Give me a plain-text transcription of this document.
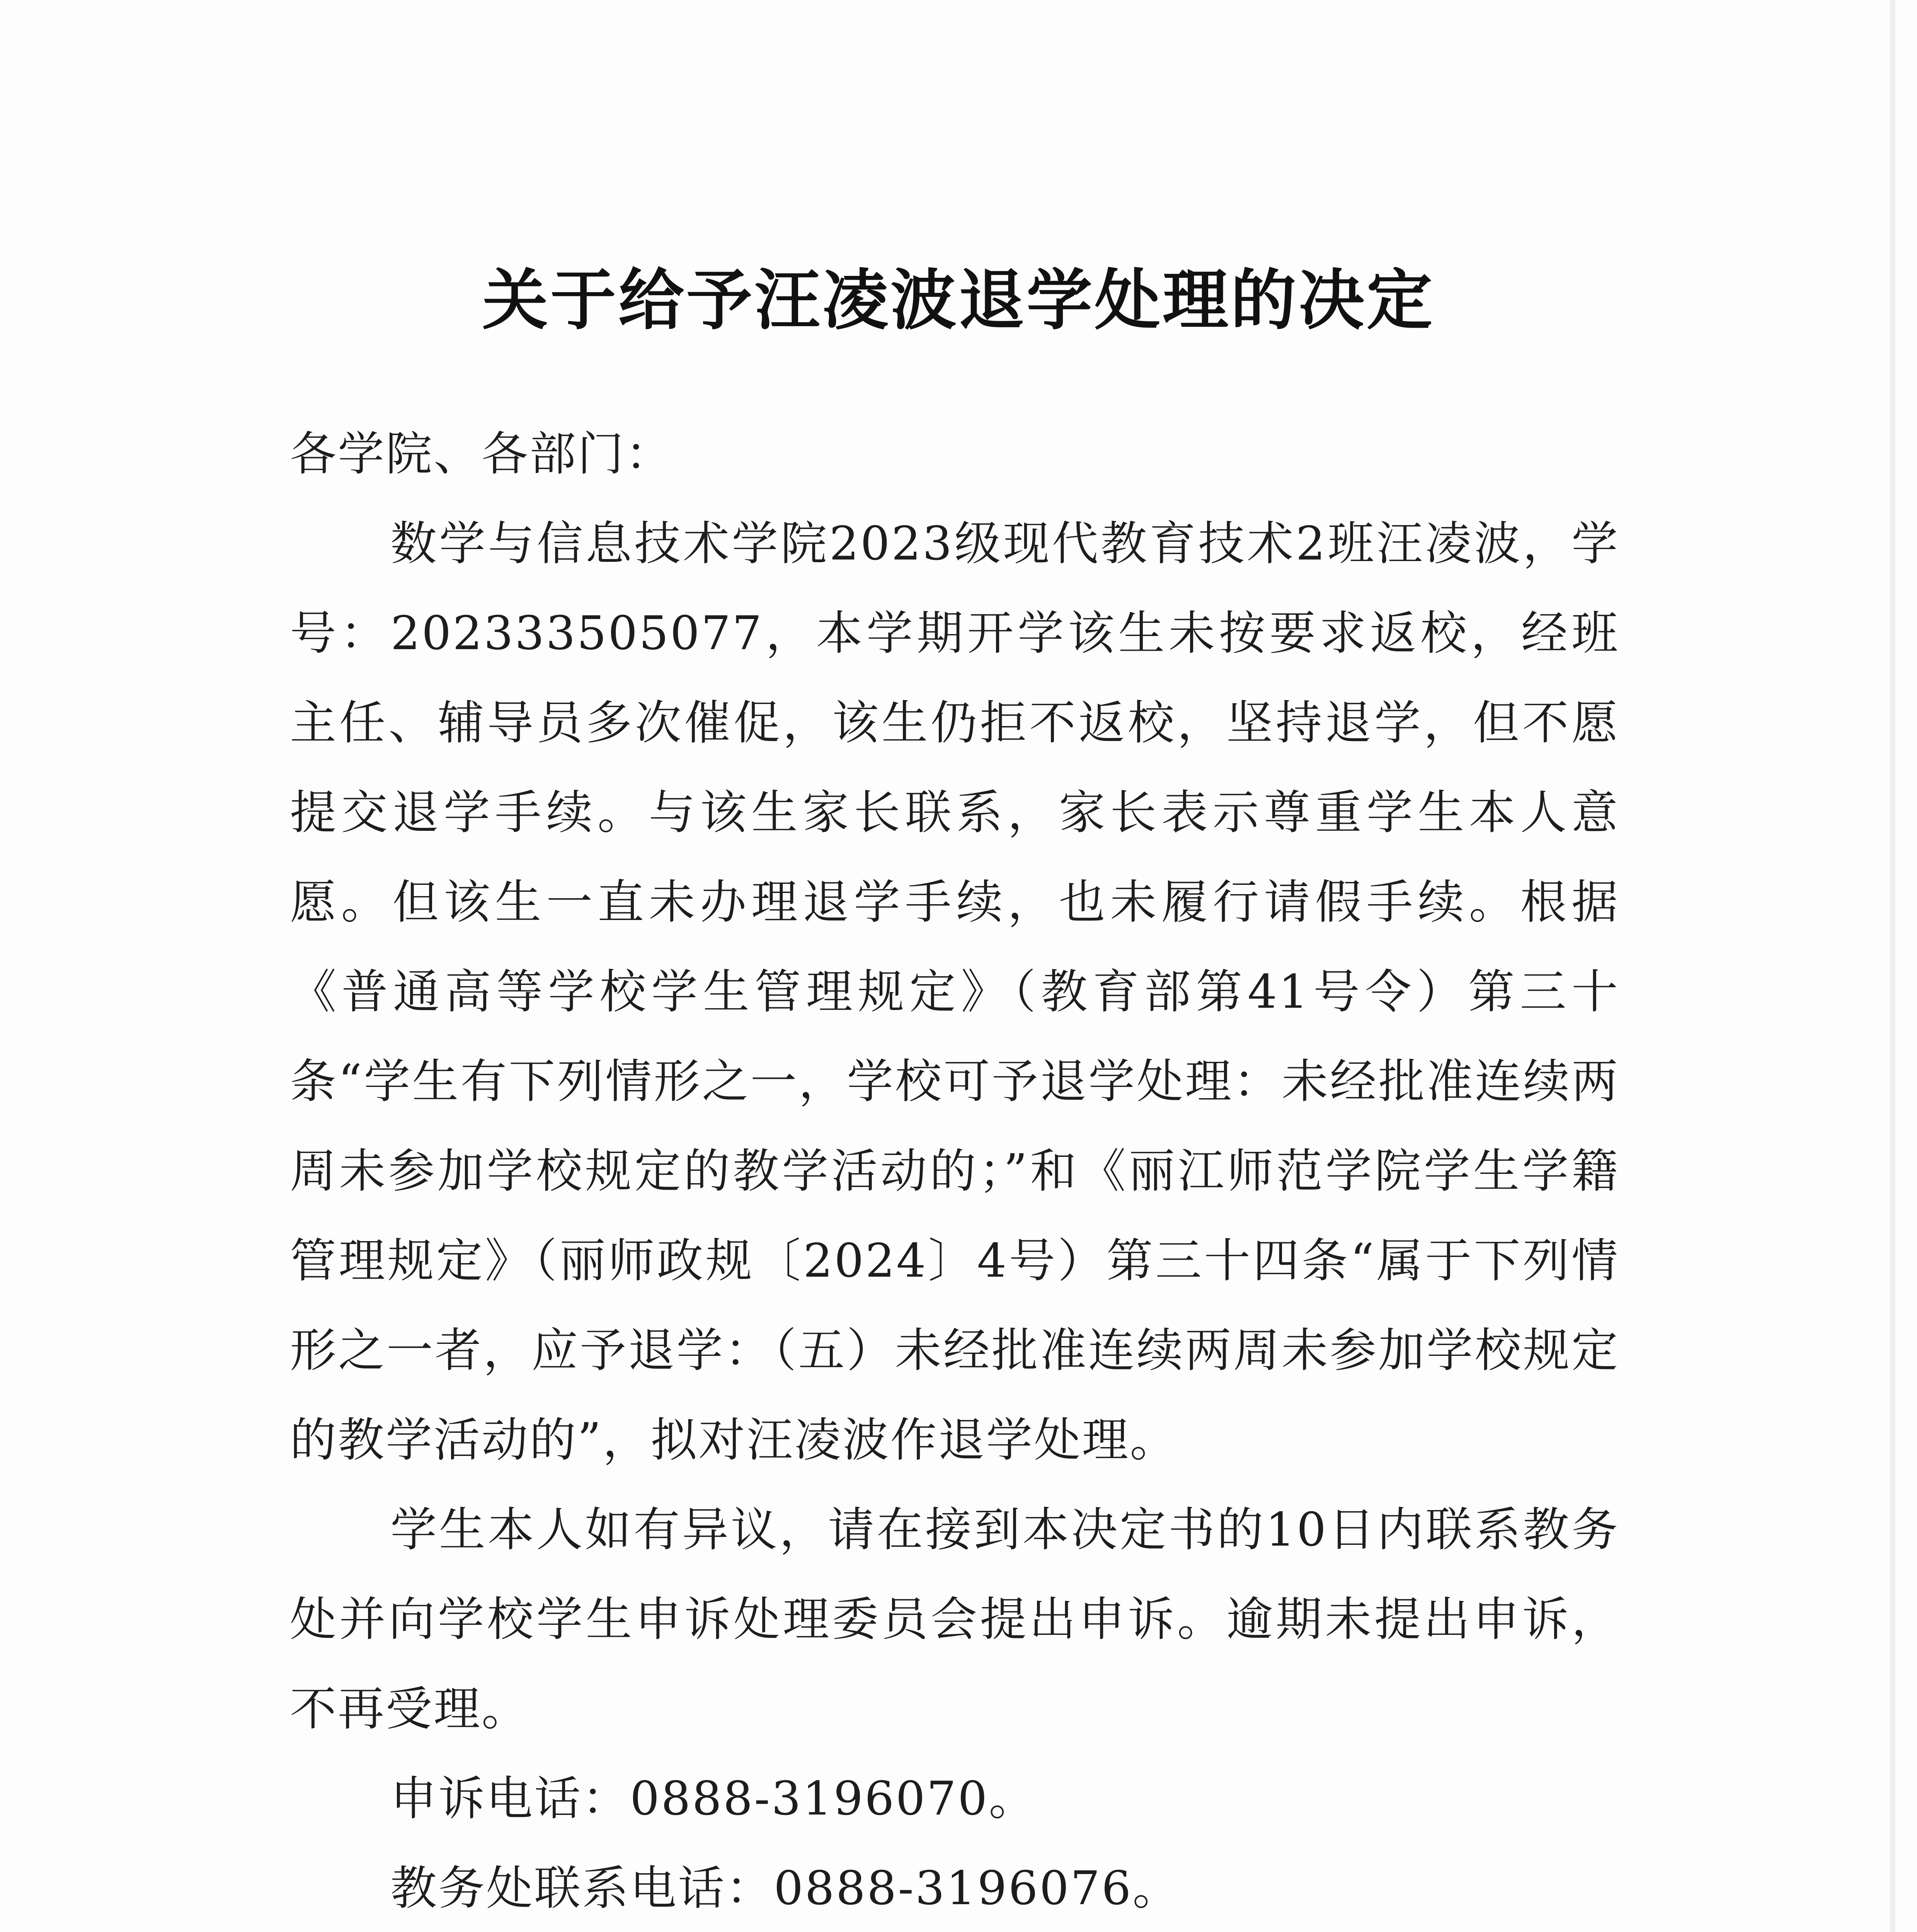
关于给予汪凌波退学处理的决定

各学院、各部门：

数学与信息技术学院2023级现代教育技术2班汪凌波，学号：202333505077，本学期开学该生未按要求返校，经班主任、辅导员多次催促，该生仍拒不返校，坚持退学，但不愿提交退学手续。与该生家长联系，家长表示尊重学生本人意愿。但该生一直未办理退学手续，也未履行请假手续。根据《普通高等学校学生管理规定》（教育部第41号令）第三十条“学生有下列情形之一，学校可予退学处理：未经批准连续两周未参加学校规定的教学活动的；”和《丽江师范学院学生学籍管理规定》（丽师政规〔2024〕4号）第三十四条“属于下列情形之一者，应予退学：（五）未经批准连续两周未参加学校规定的教学活动的”，拟对汪凌波作退学处理。

学生本人如有异议，请在接到本决定书的10日内联系教务处并向学校学生申诉处理委员会提出申诉。逾期未提出申诉，不再受理。

申诉电话：0888-3196070。

教务处联系电话：0888-3196076。
